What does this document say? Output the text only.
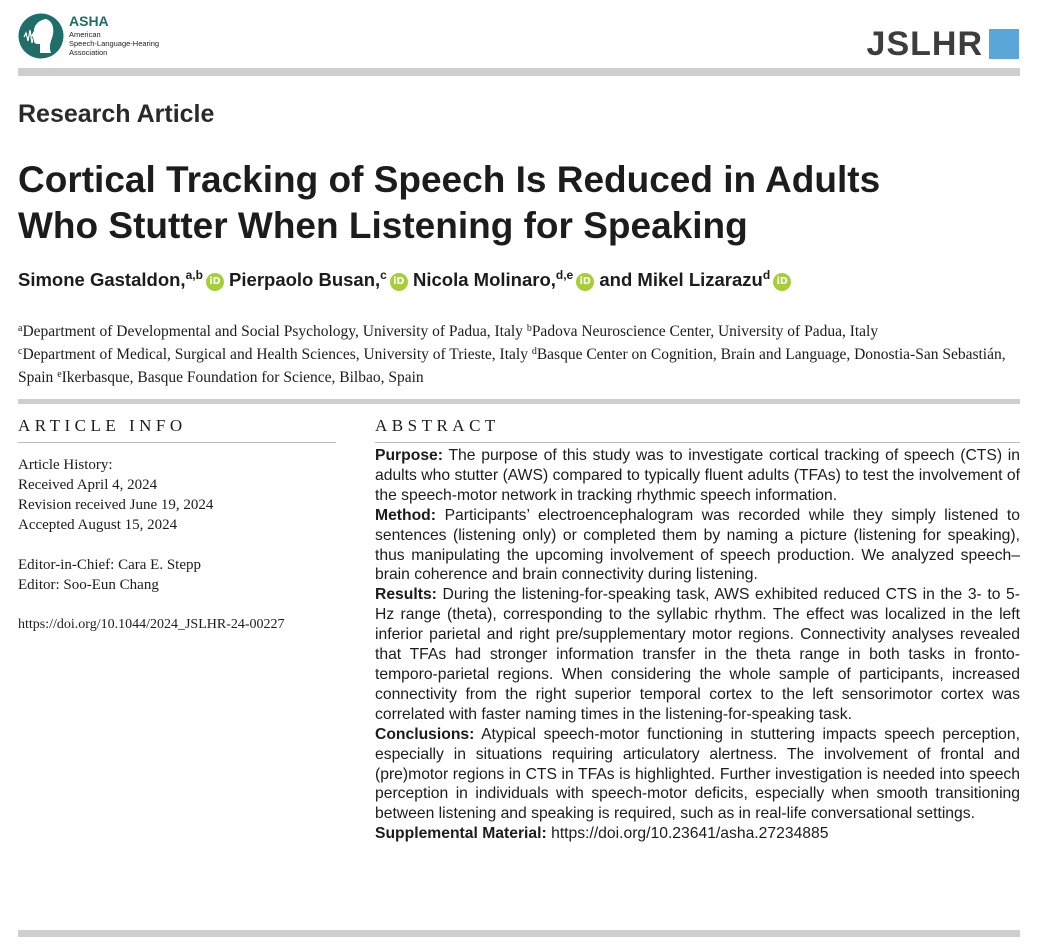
ASHA
American
Speech-Language-Hearing
Association	JSLHR
Research Article
Cortical Tracking of Speech Is Reduced in Adults
Who Stutter When Listening for Speaking
Simone Gastaldon,$^{a,b}$ iD Pierpaolo Busan,$^c$ iD Nicola Molinaro,$^{d,e}$ iD and Mikel Lizarazu$^d$ iD
$^a$Department of Developmental and Social Psychology, University of Padua, Italy $^b$Padova Neuroscience Center, University of Padua, Italy
$^c$Department of Medical, Surgical and Health Sciences, University of Trieste, Italy $^d$Basque Center on Cognition, Brain and Language, Donostia-San Sebastián, Spain $^e$Ikerbasque, Basque Foundation for Science, Bilbao, Spain
ARTICLE INFO
Article History:
Received April 4, 2024
Revision received June 19, 2024
Accepted August 15, 2024
Editor-in-Chief: Cara E. Stepp
Editor: Soo-Eun Chang
https://doi.org/10.1044/2024_JSLHR-24-00227
ABSTRACT

Purpose: The purpose of this study was to investigate cortical tracking of speech (CTS) in adults who stutter (AWS) compared to typically fluent adults (TFAs) to test the involvement of the speech-motor network in tracking rhythmic speech information.

Method: Participants’ electroencephalogram was recorded while they simply listened to sentences (listening only) or completed them by naming a picture (listening for speaking), thus manipulating the upcoming involvement of speech production. We analyzed speech–brain coherence and brain connectivity during listening.

Results: During the listening-for-speaking task, AWS exhibited reduced CTS in the 3- to 5-Hz range (theta), corresponding to the syllabic rhythm. The effect was localized in the left inferior parietal and right pre/supplementary motor regions. Connectivity analyses revealed that TFAs had stronger information transfer in the theta range in both tasks in fronto-temporo-parietal regions. When considering the whole sample of participants, increased connectivity from the right superior temporal cortex to the left sensorimotor cortex was correlated with faster naming times in the listening-for-speaking task.

Conclusions: Atypical speech-motor functioning in stuttering impacts speech perception, especially in situations requiring articulatory alertness. The involvement of frontal and (pre)motor regions in CTS in TFAs is highlighted. Further investigation is needed into speech perception in individuals with speech-motor deficits, especially when smooth transitioning between listening and speaking is required, such as in real-life conversational settings.

Supplemental Material: https://doi.org/10.23641/asha.27234885
